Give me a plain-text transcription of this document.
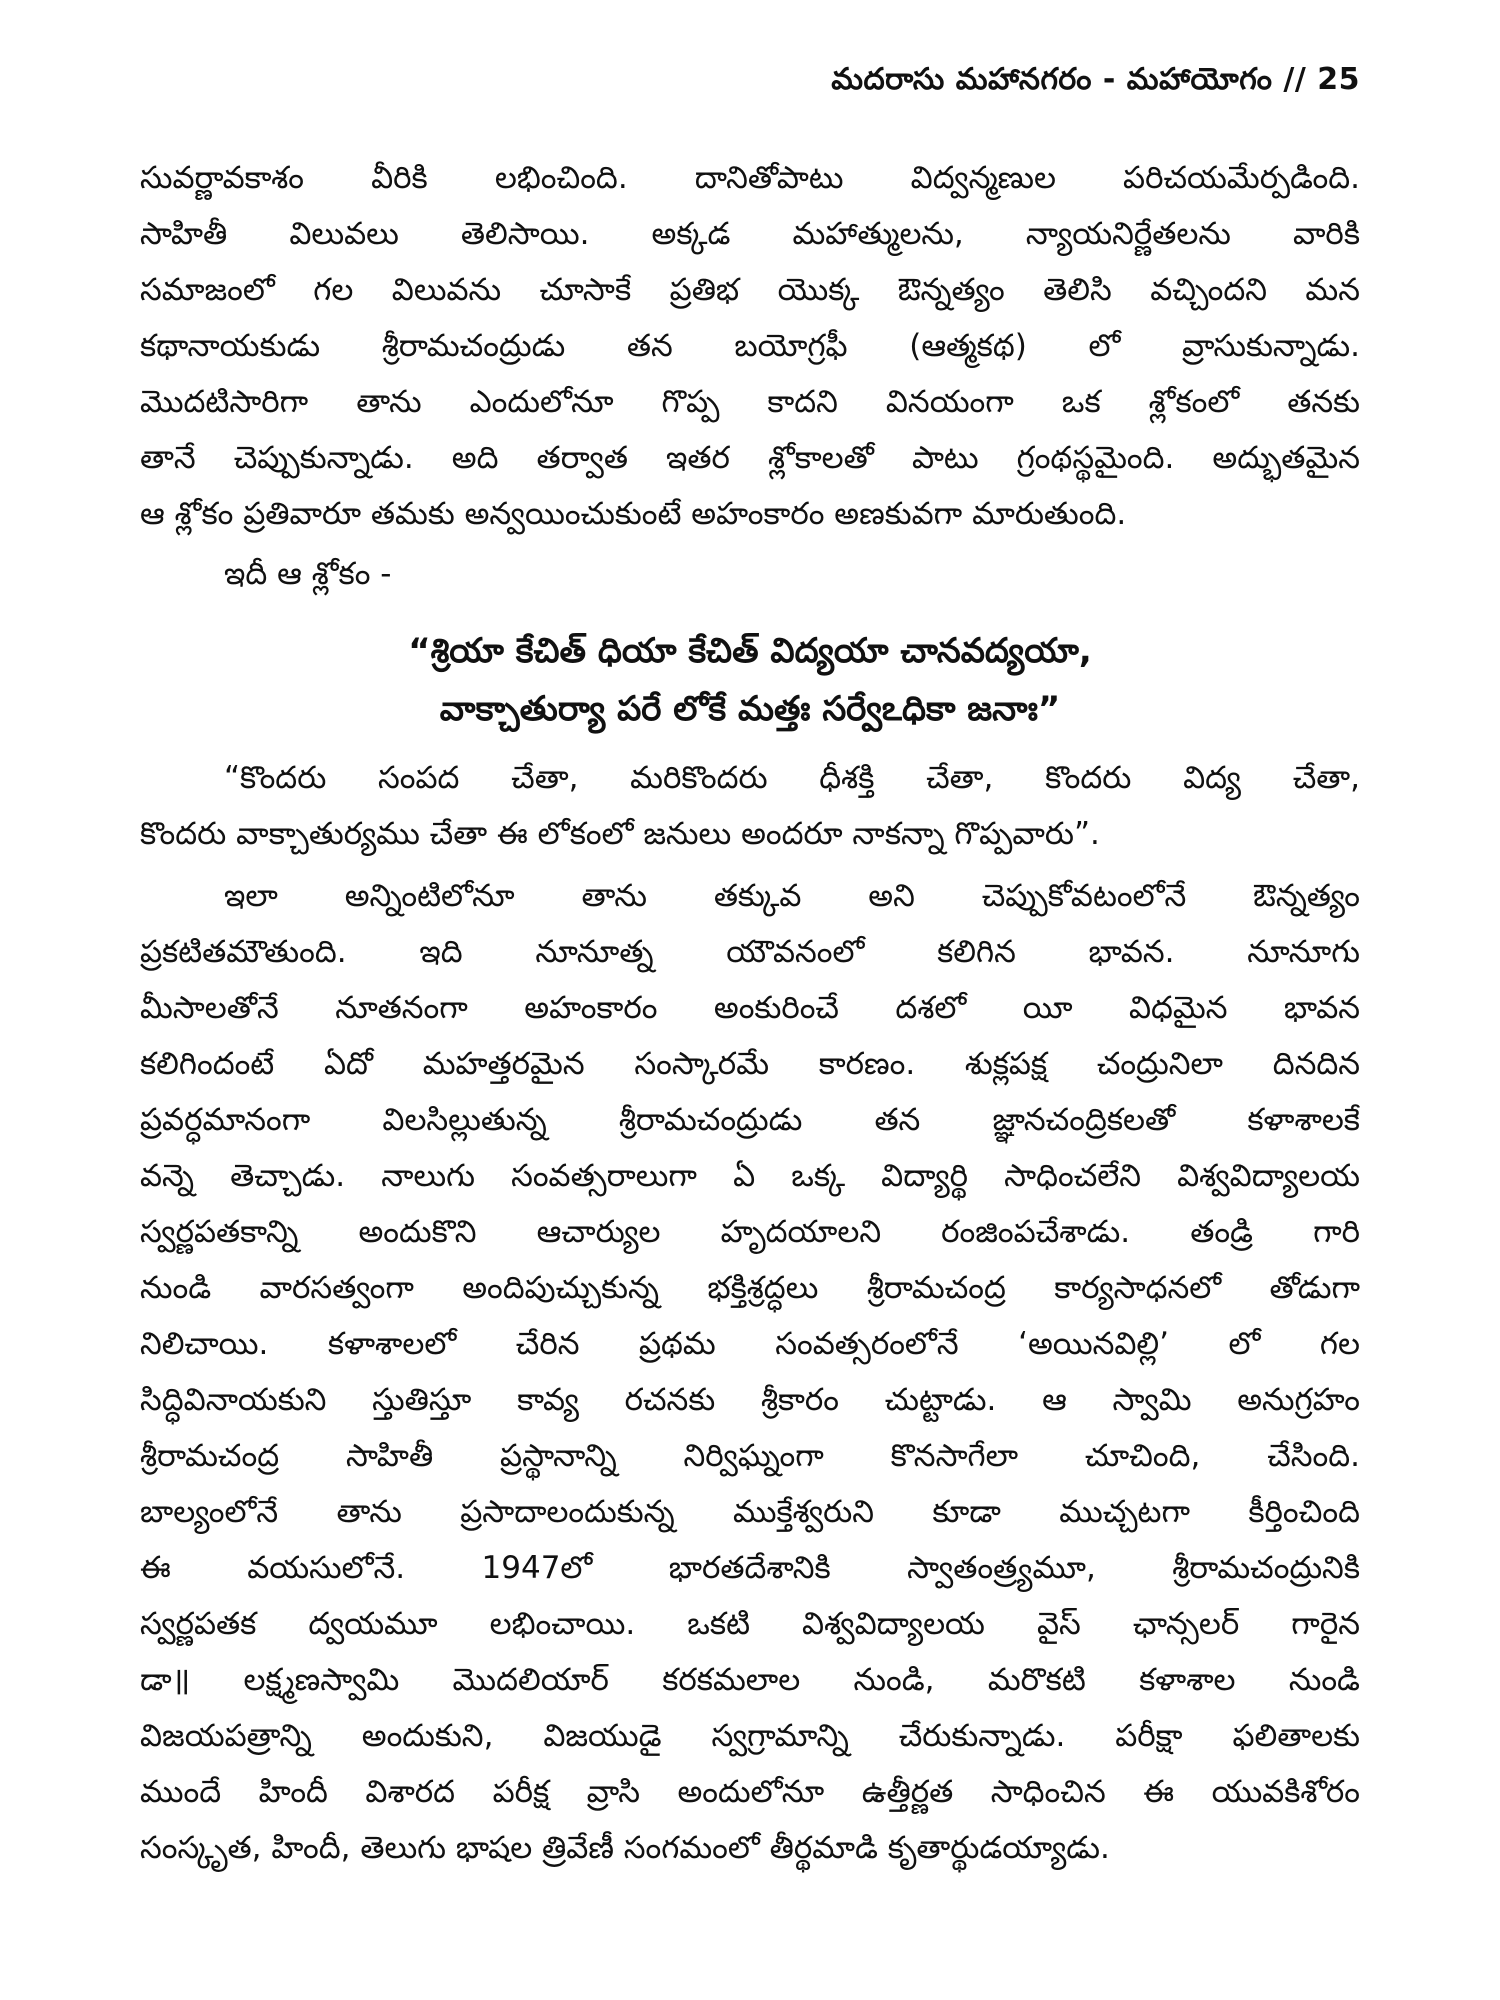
మదరాసు మహానగరం - మహాయోగం // 25

సువర్ణావకాశం వీరికి లభించింది. దానితోపాటు విద్వన్మణుల పరిచయమేర్పడింది.
సాహితీ విలువలు తెలిసాయి. అక్కడ మహాత్ములను, న్యాయనిర్ణేతలను వారికి
సమాజంలో గల విలువను చూసాకే ప్రతిభ యొక్క ఔన్నత్యం తెలిసి వచ్చిందని మన
కథానాయకుడు శ్రీరామచంద్రుడు తన బయోగ్రఫీ (ఆత్మకథ) లో వ్రాసుకున్నాడు.
మొదటిసారిగా తాను ఎందులోనూ గొప్ప కాదని వినయంగా ఒక శ్లోకంలో తనకు
తానే చెప్పుకున్నాడు. అది తర్వాత ఇతర శ్లోకాలతో పాటు గ్రంథస్థమైంది. అద్భుతమైన
ఆ శ్లోకం ప్రతివారూ తమకు అన్వయించుకుంటే అహంకారం అణకువగా మారుతుంది.

ఇదీ ఆ శ్లోకం -
“శ్రియా కేచిత్ ధియా కేచిత్ విద్యయా చానవద్యయా,
వాక్చాతుర్యా పరే లోకే మత్తః సర్వేఽధికా జనాః”

“కొందరు సంపద చేతా, మరికొందరు ధీశక్తి చేతా, కొందరు విద్య చేతా,
కొందరు వాక్చాతుర్యము చేతా ఈ లోకంలో జనులు అందరూ నాకన్నా గొప్పవారు”.

ఇలా అన్నింటిలోనూ తాను తక్కువ అని చెప్పుకోవటంలోనే ఔన్నత్యం
ప్రకటితమౌతుంది. ఇది నూనూత్న యౌవనంలో కలిగిన భావన. నూనూగు
మీసాలతోనే నూతనంగా అహంకారం అంకురించే దశలో యీ విధమైన భావన
కలిగిందంటే ఏదో మహత్తరమైన సంస్కారమే కారణం. శుక్లపక్ష చంద్రునిలా దినదిన
ప్రవర్ధమానంగా విలసిల్లుతున్న శ్రీరామచంద్రుడు తన జ్ఞానచంద్రికలతో కళాశాలకే
వన్నె తెచ్చాడు. నాలుగు సంవత్సరాలుగా ఏ ఒక్క విద్యార్థి సాధించలేని విశ్వవిద్యాలయ
స్వర్ణపతకాన్ని అందుకొని ఆచార్యుల హృదయాలని రంజింపచేశాడు. తండ్రి గారి
నుండి వారసత్వంగా అందిపుచ్చుకున్న భక్తిశ్రద్ధలు శ్రీరామచంద్ర కార్యసాధనలో తోడుగా
నిలిచాయి. కళాశాలలో చేరిన ప్రథమ సంవత్సరంలోనే ‘అయినవిల్లి’ లో గల
సిద్ధివినాయకుని స్తుతిస్తూ కావ్య రచనకు శ్రీకారం చుట్టాడు. ఆ స్వామి అనుగ్రహం
శ్రీరామచంద్ర సాహితీ ప్రస్థానాన్ని నిర్విఘ్నంగా కొనసాగేలా చూచింది, చేసింది.
బాల్యంలోనే తాను ప్రసాదాలందుకున్న ముక్తేశ్వరుని కూడా ముచ్చటగా కీర్తించింది
ఈ వయసులోనే. 1947లో భారతదేశానికి స్వాతంత్ర్యమూ, శ్రీరామచంద్రునికి
స్వర్ణపతక ద్వయమూ లభించాయి. ఒకటి విశ్వవిద్యాలయ వైస్ ఛాన్సలర్ గారైన
డా॥ లక్ష్మణస్వామి మొదలియార్ కరకమలాల నుండి, మరొకటి కళాశాల నుండి
విజయపత్రాన్ని అందుకుని, విజయుడై స్వగ్రామాన్ని చేరుకున్నాడు. పరీక్షా ఫలితాలకు
ముందే హిందీ విశారద పరీక్ష వ్రాసి అందులోనూ ఉత్తీర్ణత సాధించిన ఈ యువకిశోరం
సంస్కృత, హిందీ, తెలుగు భాషల త్రివేణీ సంగమంలో తీర్థమాడి కృతార్థుడయ్యాడు.
